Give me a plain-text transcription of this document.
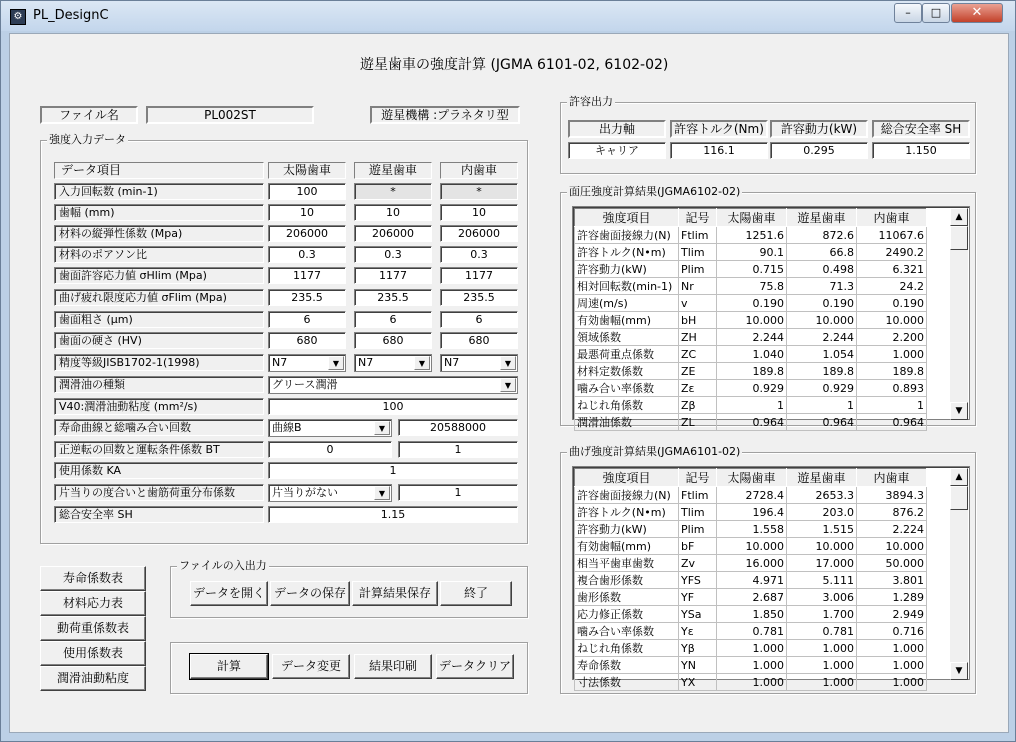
⚙ PL_DesignC	–	□	✕
遊星歯車の強度計算 (JGMA 6101-02, 6102-02)
ファイル名	PL002ST	遊星機構 :プラネタリ型
強度入力データ
データ項目	太陽歯車	遊星歯車	内歯車
入力回転数 (min-1)	100	*	*
歯幅 (mm)	10	10	10
材料の縦弾性係数 (Mpa)	206000	206000	206000
材料のポアソン比	0.3	0.3	0.3
歯面許容応力値 σHlim (Mpa)	1177	1177	1177
曲げ疲れ限度応力値 σFlim (Mpa)	235.5	235.5	235.5
歯面粗さ (μm)	6	6	6
歯面の硬さ (HV)	680	680	680
精度等級JISB1702-1(1998)	N7	▼	N7	▼	N7	▼
潤滑油の種類	グリース潤滑	▼
V40:潤滑油動粘度 (mm²/s)	100
寿命曲線と総噛み合い回数	曲線B	▼	20588000
正逆転の回数と運転条件係数 BT	0	1
使用係数 KA	1
片当りの度合いと歯筋荷重分布係数	片当りがない	▼	1
総合安全率 SH	1.15
寿命係数表
材料応力表
動荷重係数表
使用係数表
潤滑油動粘度
ファイルの入出力
データを開く データの保存	計算結果保存	終了
計算	データ変更	結果印刷	データクリア
許容出力
出力軸	許容トルク(Nm)	許容動力(kW)	総合安全率 SH
キャリア	116.1	0.295	1.150
面圧強度計算結果(JGMA6102-02)
強度項目	記号	太陽歯車	遊星歯車	内歯車
許容歯面接線力(N)	Ftlim	1251.6	872.6	11067.6
許容トルク(N•m)	Tlim	90.1	66.8	2490.2
許容動力(kW)	Plim	0.715	0.498	6.321
相対回転数(min-1)	Nr	75.8	71.3	24.2
周速(m/s)	v	0.190	0.190	0.190
有効歯幅(mm)	bH	10.000	10.000	10.000
領域係数	ZH	2.244	2.244	2.200
最悪荷重点係数	ZC	1.040	1.054	1.000
材料定数係数	ZE	189.8	189.8	189.8
噛み合い率係数	Zε	0.929	0.929	0.893
ねじれ角係数	Zβ	1	1	1
潤滑油係数	ZL	0.964	0.964	0.964
▲
▼
曲げ強度計算結果(JGMA6101-02)
強度項目	記号	太陽歯車	遊星歯車	内歯車
許容歯面接線力(N)	Ftlim	2728.4	2653.3	3894.3
許容トルク(N•m)	Tlim	196.4	203.0	876.2
許容動力(kW)	Plim	1.558	1.515	2.224
有効歯幅(mm)	bF	10.000	10.000	10.000
相当平歯車歯数	Zv	16.000	17.000	50.000
複合歯形係数	YFS	4.971	5.111	3.801
歯形係数	YF	2.687	3.006	1.289
応力修正係数	YSa	1.850	1.700	2.949
噛み合い率係数	Yε	0.781	0.781	0.716
ねじれ角係数	Yβ	1.000	1.000	1.000
寿命係数	YN	1.000	1.000	1.000
寸法係数	YX	1.000	1.000	1.000
▲
▼
